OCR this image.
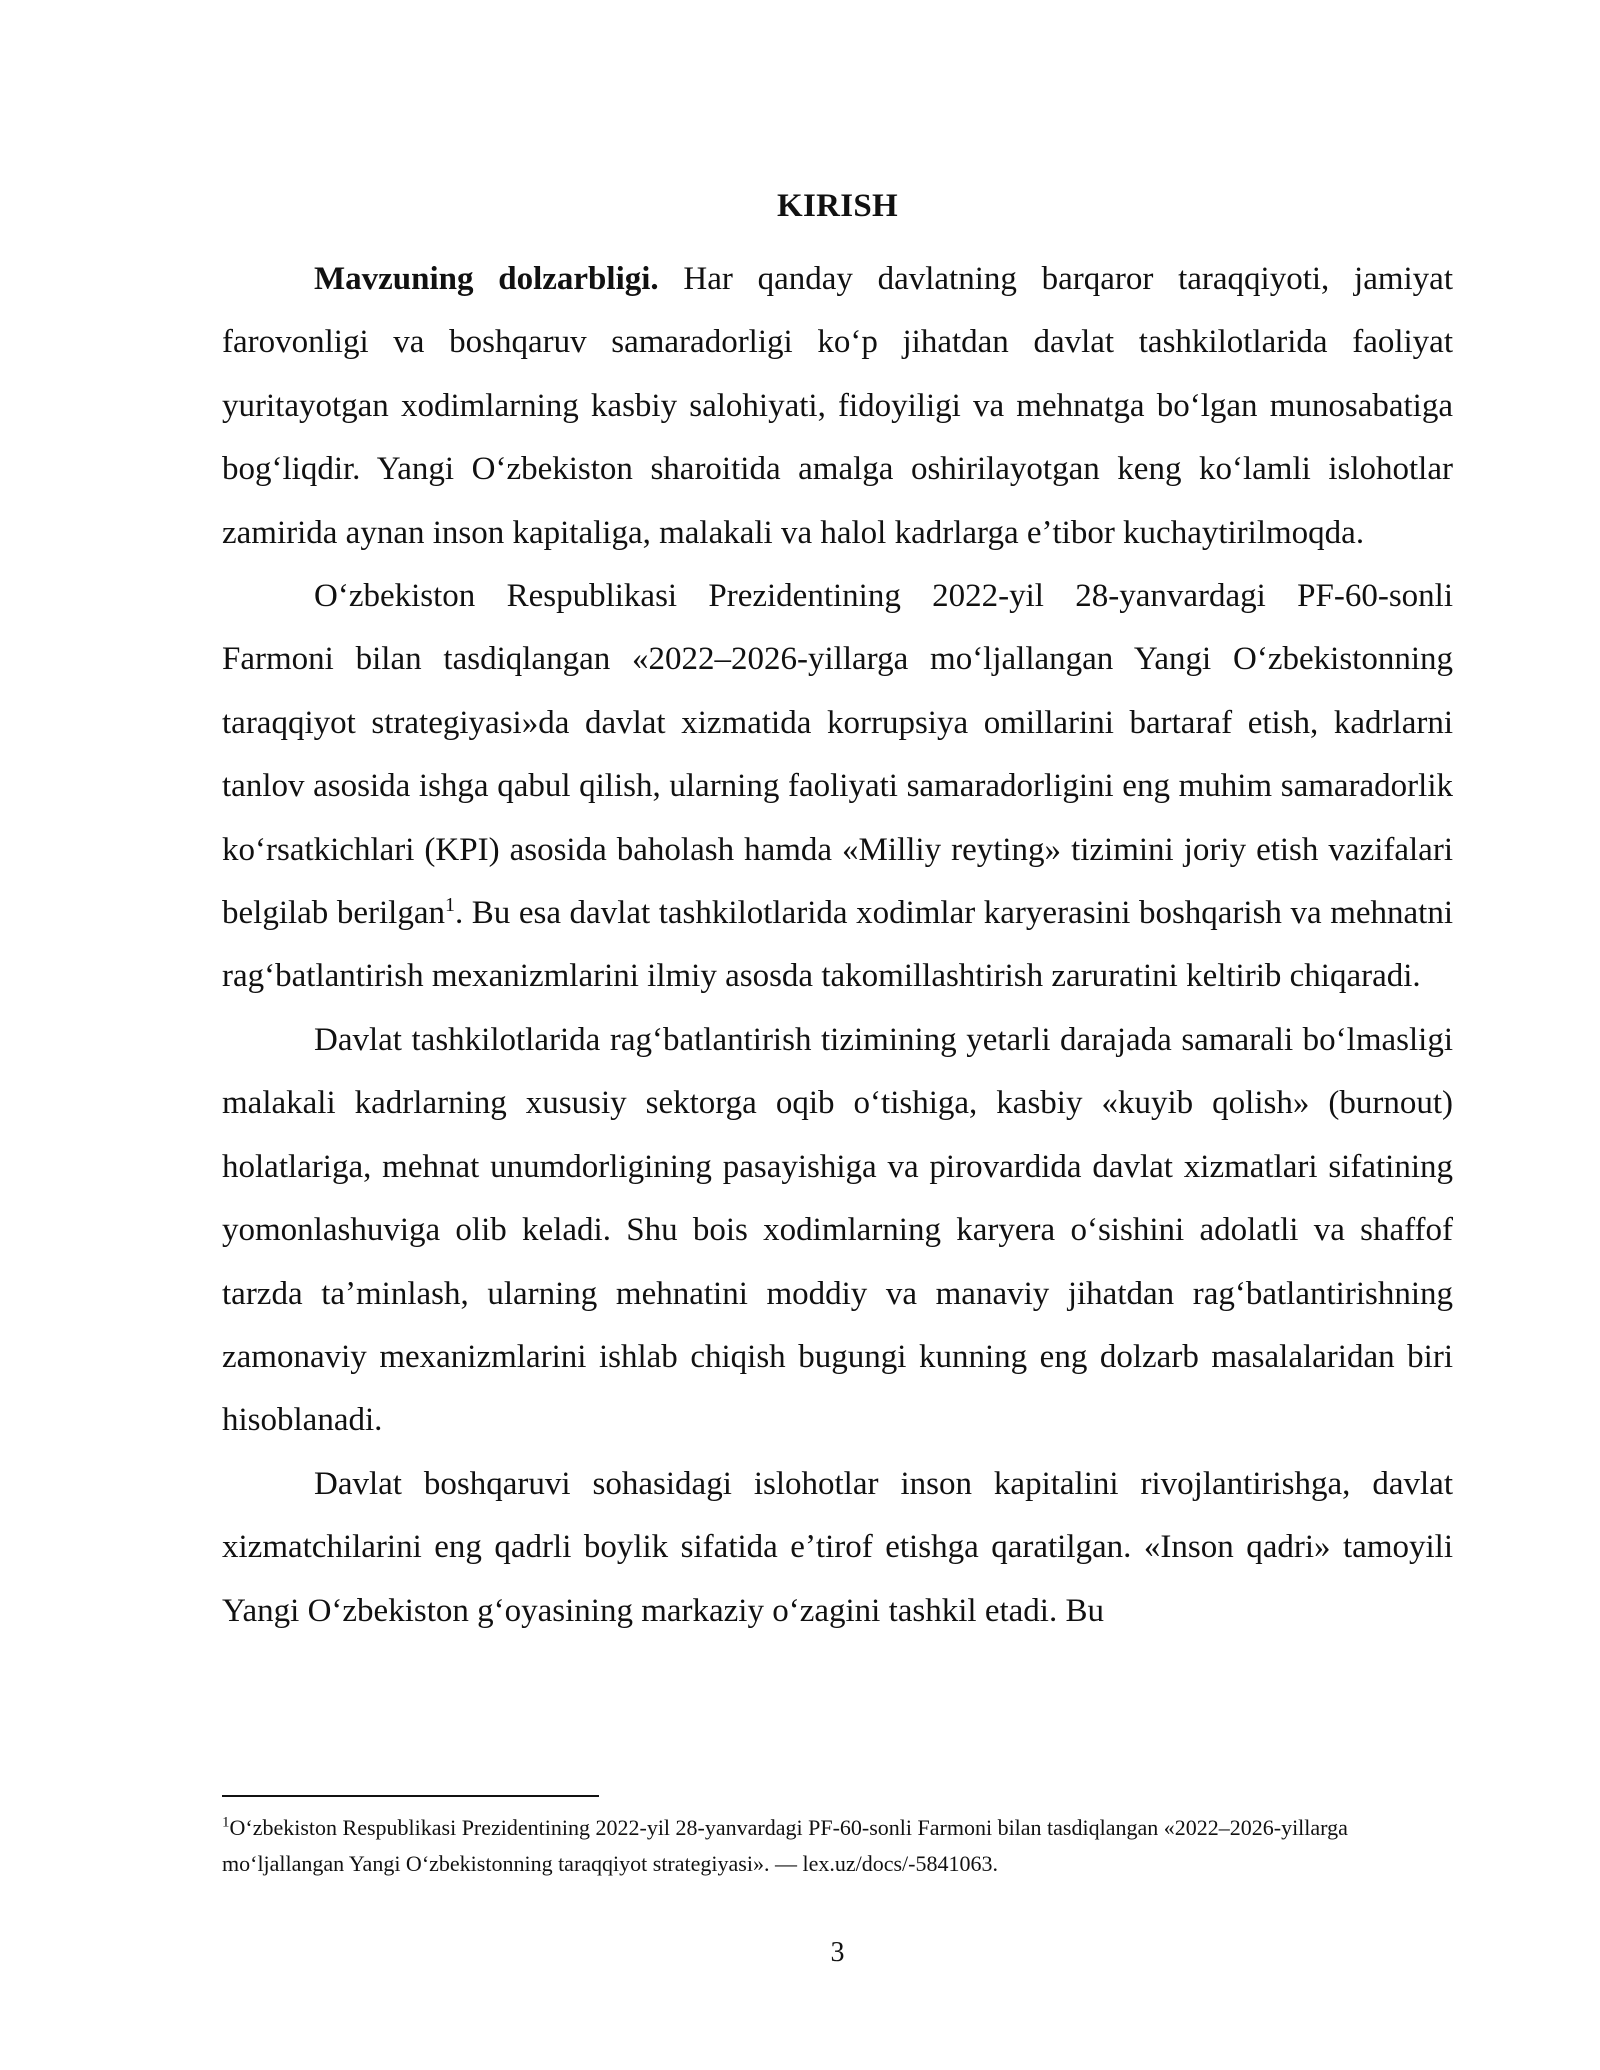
KIRISH

Mavzuning dolzarbligi. Har qanday davlatning barqaror taraqqiyoti, jamiyat farovonligi va boshqaruv samaradorligi koʻp jihatdan davlat tashkilotlarida faoliyat yuritayotgan xodimlarning kasbiy salohiyati, fidoyiligi va mehnatga boʻlgan munosabatiga bogʻliqdir. Yangi Oʻzbekiston sharoitida amalga oshirilayotgan keng koʻlamli islohotlar zamirida aynan inson kapitaliga, malakali va halol kadrlarga eʼtibor kuchaytirilmoqda.

Oʻzbekiston Respublikasi Prezidentining 2022-yil 28-yanvardagi PF-60-sonli Farmoni bilan tasdiqlangan «2022–2026-yillarga moʻljallangan Yangi Oʻzbekistonning taraqqiyot strategiyasi»da davlat xizmatida korrupsiya omillarini bartaraf etish, kadrlarni tanlov asosida ishga qabul qilish, ularning faoliyati samaradorligini eng muhim samaradorlik koʻrsatkichlari (KPI) asosida baholash hamda «Milliy reyting» tizimini joriy etish vazifalari belgilab berilgan$^1$. Bu esa davlat tashkilotlarida xodimlar karyerasini boshqarish va mehnatni ragʻbatlantirish mexanizmlarini ilmiy asosda takomillashtirish zaruratini keltirib chiqaradi.

Davlat tashkilotlarida ragʻbatlantirish tizimining yetarli darajada samarali boʻlmasligi malakali kadrlarning xususiy sektorga oqib oʻtishiga, kasbiy «kuyib qolish» (burnout) holatlariga, mehnat unumdorligining pasayishiga va pirovardida davlat xizmatlari sifatining yomonlashuviga olib keladi. Shu bois xodimlarning karyera oʻsishini adolatli va shaffof tarzda taʼminlash, ularning mehnatini moddiy va manaviy jihatdan ragʻbatlantirishning zamonaviy mexanizmlarini ishlab chiqish bugungi kunning eng dolzarb masalalaridan biri hisoblanadi.

Davlat boshqaruvi sohasidagi islohotlar inson kapitalini rivojlantirishga, davlat xizmatchilarini eng qadrli boylik sifatida eʼtirof etishga qaratilgan. «Inson qadri» tamoyili Yangi Oʻzbekiston gʻoyasining markaziy oʻzagini tashkil etadi. Bu

$^1$Oʻzbekiston Respublikasi Prezidentining 2022-yil 28-yanvardagi PF-60-sonli Farmoni bilan tasdiqlangan «2022–2026-yillarga moʻljallangan Yangi Oʻzbekistonning taraqqiyot strategiyasi». — lex.uz/docs/-5841063.

3
